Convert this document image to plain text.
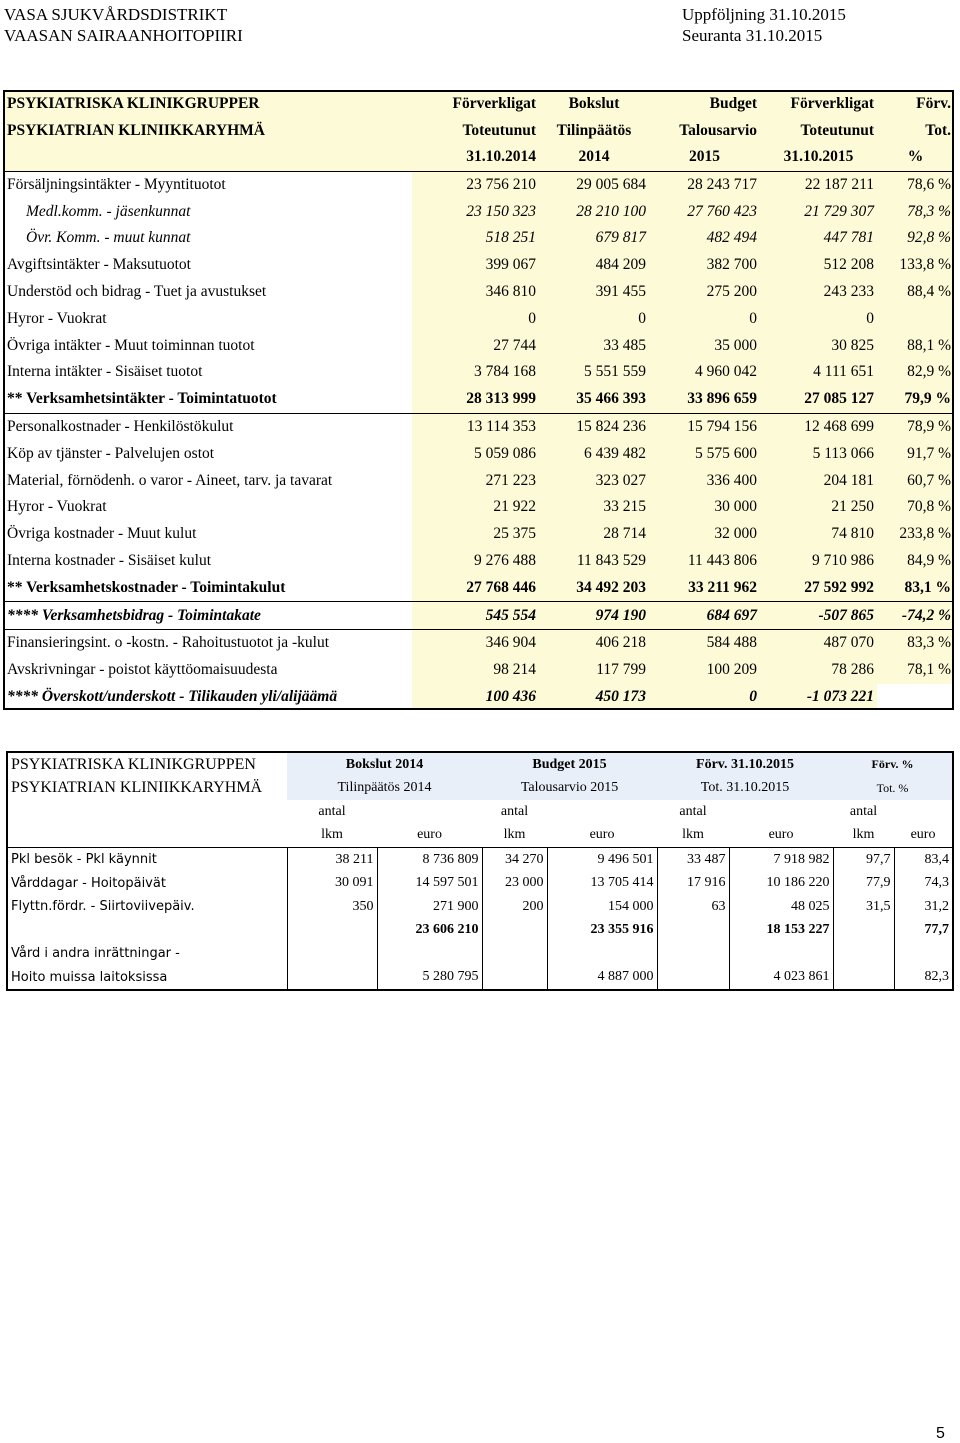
VASA SJUKVÅRDSDISTRIKT
VAASAN SAIRAANHOITOPIIRI
Uppföljning 31.10.2015
Seuranta 31.10.2015
PSYKIATRISKA KLINIKGRUPPER	Förverkligat	Bokslut	Budget	Förverkligat	Förv.
PSYKIATRIAN KLINIIKKARYHMÄ	Toteutunut	Tilinpäätös	Talousarvio	Toteutunut	Tot.
	31.10.2014	2014	2015	31.10.2015	%
Försäljningsintäkter - Myyntituotot	23 756 210	29 005 684	28 243 717	22 187 211	78,6 %
Medl.komm. - jäsenkunnat	23 150 323	28 210 100	27 760 423	21 729 307	78,3 %
Övr. Komm. - muut kunnat	518 251	679 817	482 494	447 781	92,8 %
Avgiftsintäkter - Maksutuotot	399 067	484 209	382 700	512 208	133,8 %
Understöd och bidrag - Tuet ja avustukset	346 810	391 455	275 200	243 233	88,4 %
Hyror - Vuokrat	0	0	0	0	
Övriga intäkter - Muut toiminnan tuotot	27 744	33 485	35 000	30 825	88,1 %
Interna intäkter - Sisäiset tuotot	3 784 168	5 551 559	4 960 042	4 111 651	82,9 %
** Verksamhetsintäkter - Toimintatuotot	28 313 999	35 466 393	33 896 659	27 085 127	79,9 %
Personalkostnader - Henkilöstökulut	13 114 353	15 824 236	15 794 156	12 468 699	78,9 %
Köp av tjänster - Palvelujen ostot	5 059 086	6 439 482	5 575 600	5 113 066	91,7 %
Material, förnödenh. o varor - Aineet, tarv. ja tavarat	271 223	323 027	336 400	204 181	60,7 %
Hyror - Vuokrat	21 922	33 215	30 000	21 250	70,8 %
Övriga kostnader - Muut kulut	25 375	28 714	32 000	74 810	233,8 %
Interna kostnader - Sisäiset kulut	9 276 488	11 843 529	11 443 806	9 710 986	84,9 %
** Verksamhetskostnader - Toimintakulut	27 768 446	34 492 203	33 211 962	27 592 992	83,1 %
**** Verksamhetsbidrag - Toimintakate	545 554	974 190	684 697	-507 865	-74,2 %
Finansieringsint. o -kostn. - Rahoitustuotot ja -kulut	346 904	406 218	584 488	487 070	83,3 %
Avskrivningar - poistot käyttöomaisuudesta	98 214	117 799	100 209	78 286	78,1 %
**** Överskott/underskott - Tilikauden yli/alijäämä	100 436	450 173	0	-1 073 221	
PSYKIATRISKA KLINIKGRUPPEN	Bokslut 2014		Budget 2015		Förv. 31.10.2015		Förv. %	
PSYKIATRIAN KLINIIKKARYHMÄ	Tilinpäätös 2014		Talousarvio 2015		Tot. 31.10.2015		Tot. %	
	antal		antal		antal		antal	
	lkm	euro	lkm	euro	lkm	euro	lkm	euro
Pkl besök - Pkl käynnit	38 211	8 736 809	34 270	9 496 501	33 487	7 918 982	97,7	83,4
Vårddagar - Hoitopäivät	30 091	14 597 501	23 000	13 705 414	17 916	10 186 220	77,9	74,3
Flyttn.fördr. - Siirtoviivepäiv.	350	271 900	200	154 000	63	48 025	31,5	31,2
		23 606 210		23 355 916		18 153 227		77,7
Vård i andra inrättningar -								
Hoito muissa laitoksissa		5 280 795		4 887 000		4 023 861		82,3
5
